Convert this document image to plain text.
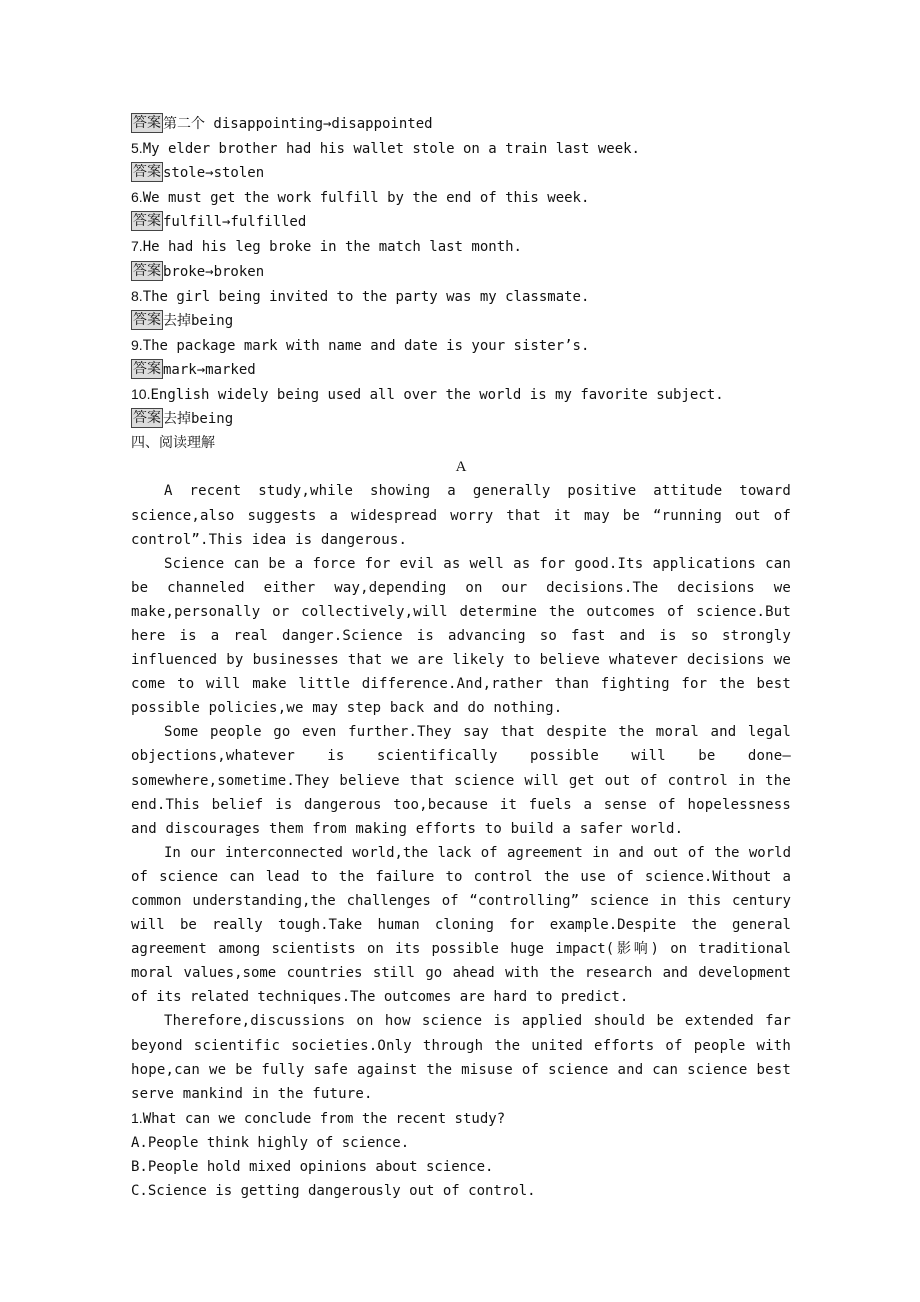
答案 第二个 disappointing→disappointed
5.My elder brother had his wallet stole on a train last week.
答案 stole→stolen
6.We must get the work fulfill by the end of this week.
答案 fulfill→fulfilled
7.He had his leg broke in the match last month.
答案 broke→broken
8.The girl being invited to the party was my classmate.
答案 去掉being
9.The package mark with name and date is your sister’s.
答案 mark→marked
10.English widely being used all over the world is my favorite subject.
答案 去掉being
四、阅读理解
A
A recent study,while showing a generally positive attitude toward science,also suggests a widespread worry that it may be “running out of control”.This idea is dangerous.
Science can be a force for evil as well as for good.Its applications can be channeled either way,depending on our decisions.The decisions we make,personally or collectively,will determine the outcomes of science.But here is a real danger.Science is advancing so fast and is so strongly influenced by businesses that we are likely to believe whatever decisions we come to will make little difference.And,rather than fighting for the best possible policies,we may step back and do nothing.
Some people go even further.They say that despite the moral and legal objections,whatever is scientifically possible will be done—somewhere,sometime.They believe that science will get out of control in the end.This belief is dangerous too,because it fuels a sense of hopelessness and discourages them from making efforts to build a safer world.
In our interconnected world,the lack of agreement in and out of the world of science can lead to the failure to control the use of science.Without a common understanding,the challenges of “controlling” science in this century will be really tough.Take human cloning for example.Despite the general agreement among scientists on its possible huge impact(影响) on traditional moral values,some countries still go ahead with the research and development of its related techniques.The outcomes are hard to predict.
Therefore,discussions on how science is applied should be extended far beyond scientific societies.Only through the united efforts of people with hope,can we be fully safe against the misuse of science and can science best serve mankind in the future.
1.What can we conclude from the recent study?
A.People think highly of science.
B.People hold mixed opinions about science.
C.Science is getting dangerously out of control.
